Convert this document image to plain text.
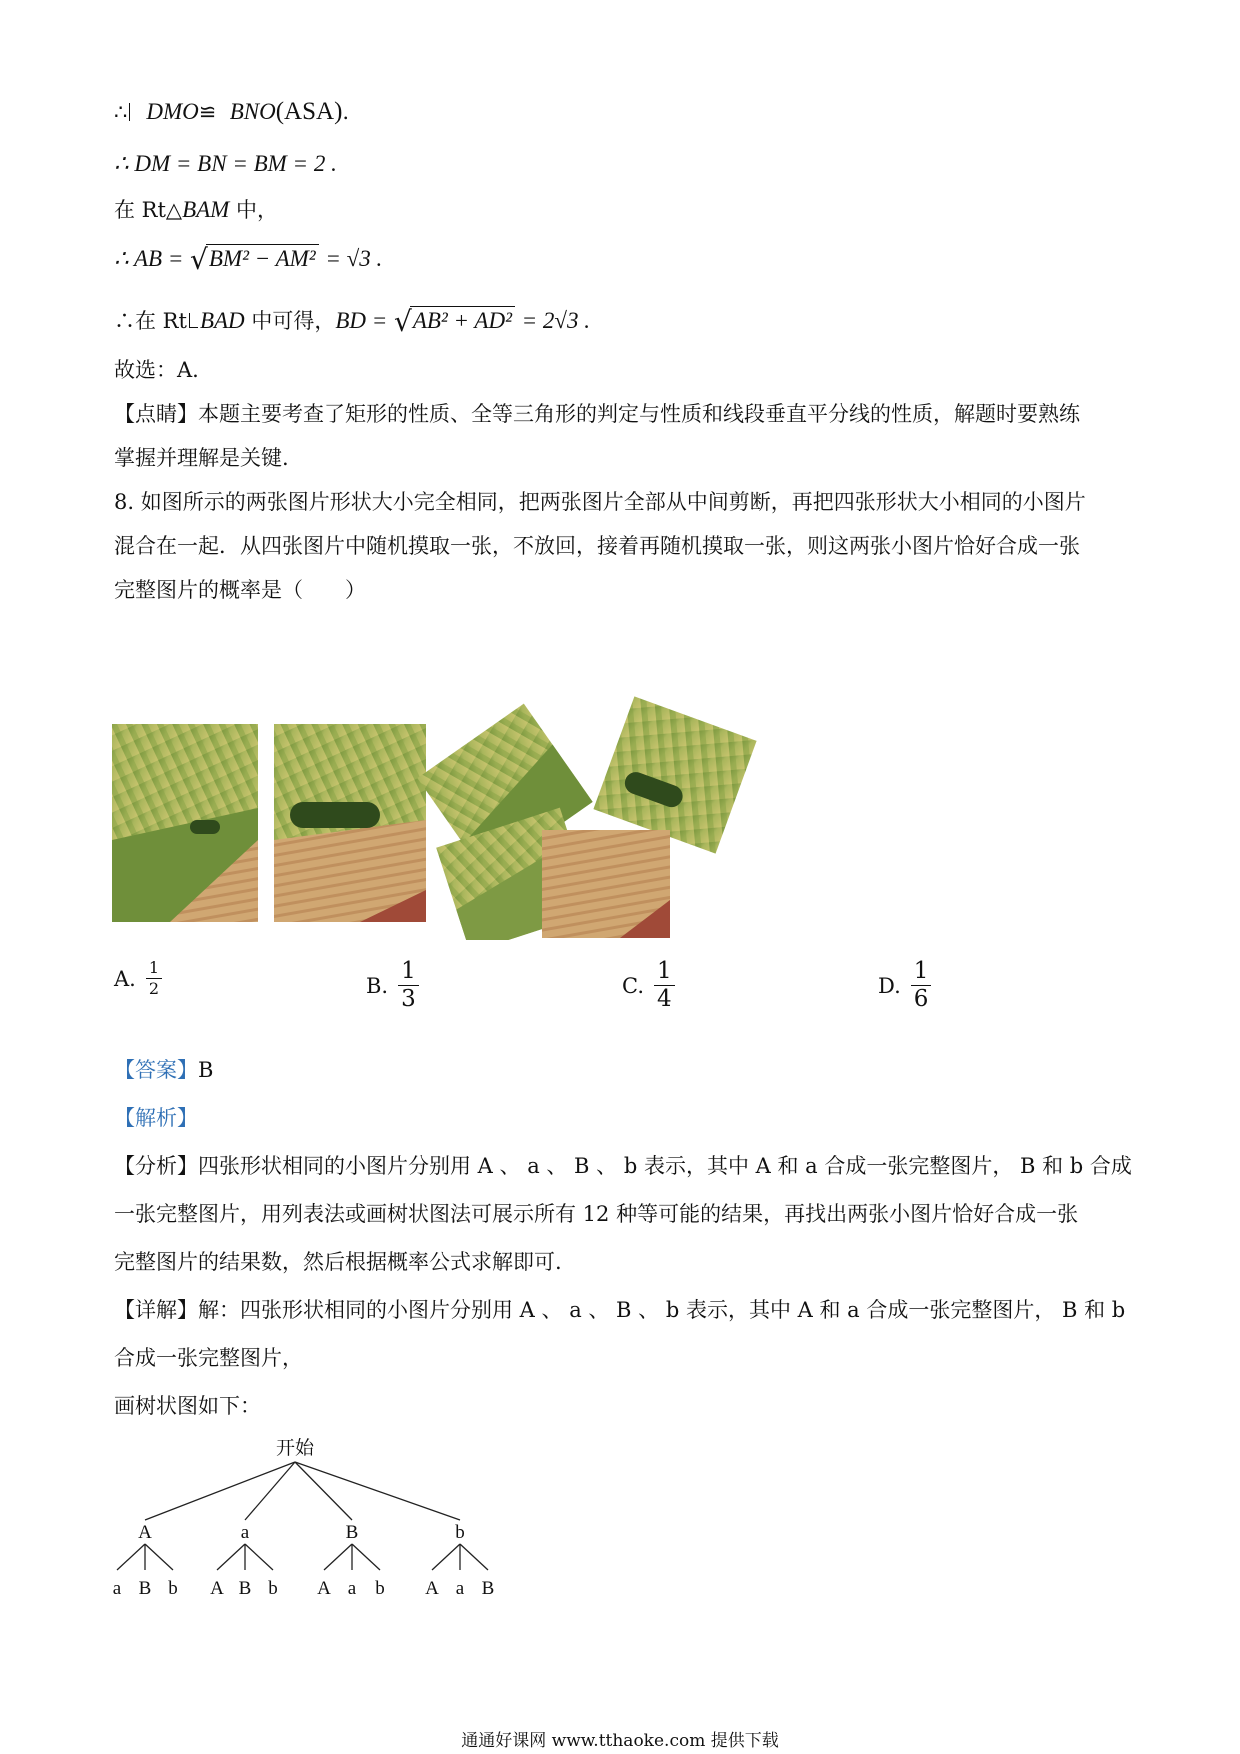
∴ DMO≌ BNO(ASA).
∴ DM = BN = BM = 2 .
在 Rt△BAM 中，
∴ AB = √BM² − AM² = √3 .
∴在 Rt BAD 中可得，BD = √AB² + AD² = 2√3 .
故选：A.
【点睛】本题主要考查了矩形的性质、全等三角形的判定与性质和线段垂直平分线的性质，解题时要熟练
掌握并理解是关键.
8. 如图所示的两张图片形状大小完全相同，把两张图片全部从中间剪断，再把四张形状大小相同的小图片
混合在一起．从四张图片中随机摸取一张，不放回，接着再随机摸取一张，则这两张小图片恰好合成一张
完整图片的概率是（　　）
A. $\frac{1}{2}$	B. $\frac{1}{3}$	C. $\frac{1}{4}$	D. $\frac{1}{6}$
【答案】B
【解析】
【分析】四张形状相同的小图片分别用 A 、 a 、 B 、 b 表示，其中 A 和 a 合成一张完整图片， B 和 b 合成
一张完整图片，用列表法或画树状图法可展示所有 12 种等可能的结果，再找出两张小图片恰好合成一张
完整图片的结果数，然后根据概率公式求解即可.
【详解】解：四张形状相同的小图片分别用 A 、 a 、 B 、 b 表示，其中 A 和 a 合成一张完整图片， B 和 b
合成一张完整图片，
画树状图如下：
开始
A
a B b
a
A B b
B
A a b
b
A a B
通通好课网 www.tthaoke.com 提供下载
